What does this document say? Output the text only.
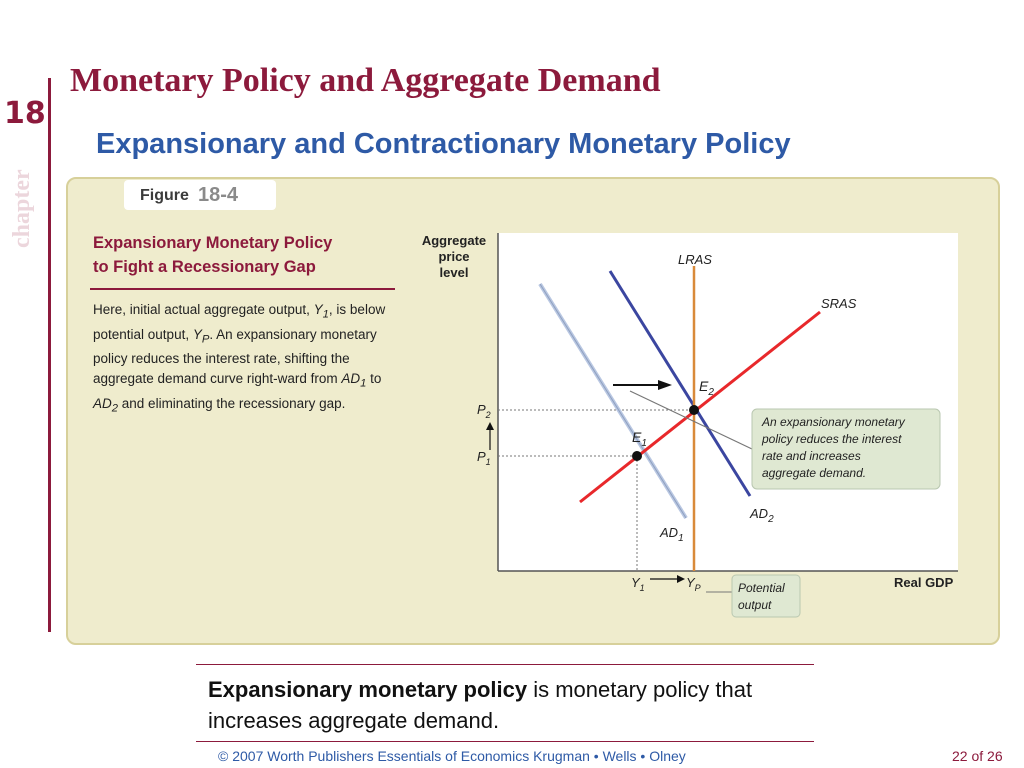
18
chapter
Monetary Policy and Aggregate Demand
Expansionary and Contractionary Monetary Policy
Figure 18-4
Expansionary Monetary Policy
to Fight a Recessionary Gap
Here, initial actual aggregate output, $Y_1$, is below potential output, $Y_P$. An expansionary monetary policy reduces the interest rate, shifting the aggregate demand curve right-ward from $AD_1$ to $AD_2$ and eliminating the recessionary gap.
Aggregate
price
level
Real GDP
An expansionary monetary
policy reduces the interest
rate and increases
aggregate demand.
LRAS
SRAS
$E_2$
$E_1$
$AD_1$
$AD_2$
$P_2$
$P_1$
$Y_1$	$Y_P$	Potential
output
Expansionary monetary policy is monetary policy that increases aggregate demand.
© 2007 Worth Publishers Essentials of Economics Krugman • Wells • Olney	22 of 26
